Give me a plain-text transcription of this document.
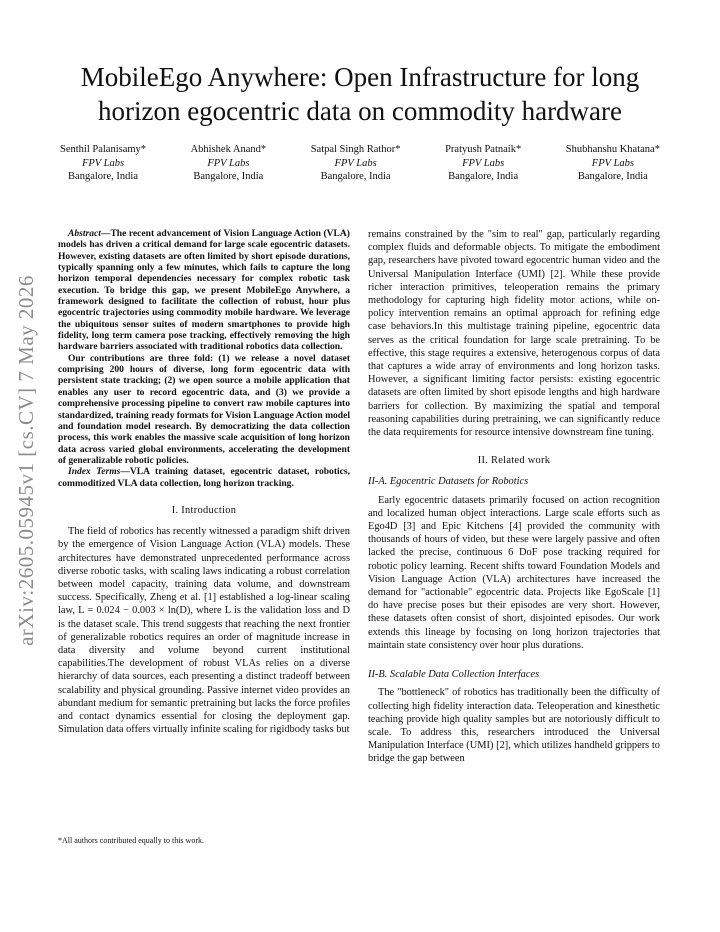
arXiv:2605.05945v1 [cs.CV] 7 May 2026
MobileEgo Anywhere: Open Infrastructure for long horizon egocentric data on commodity hardware
Senthil Palanisamy*
FPV Labs
Bangalore, India
Abhishek Anand*
FPV Labs
Bangalore, India
Satpal Singh Rathor*
FPV Labs
Bangalore, India
Pratyush Patnaik*
FPV Labs
Bangalore, India
Shubhanshu Khatana*
FPV Labs
Bangalore, India

Abstract—The recent advancement of Vision Language Action (VLA) models has driven a critical demand for large scale egocentric datasets. However, existing datasets are often limited by short episode durations, typically spanning only a few minutes, which fails to capture the long horizon temporal dependencies necessary for complex robotic task execution. To bridge this gap, we present MobileEgo Anywhere, a framework designed to facilitate the collection of robust, hour plus egocentric trajectories using commodity mobile hardware. We leverage the ubiquitous sensor suites of modern smartphones to provide high fidelity, long term camera pose tracking, effectively removing the high hardware barriers associated with traditional robotics data collection.

Our contributions are three fold: (1) we release a novel dataset comprising 200 hours of diverse, long form egocentric data with persistent state tracking; (2) we open source a mobile application that enables any user to record egocentric data, and (3) we provide a comprehensive processing pipeline to convert raw mobile captures into standardized, training ready formats for Vision Language Action model and foundation model research. By democratizing the data collection process, this work enables the massive scale acquisition of long horizon data across varied global environments, accelerating the development of generalizable robotic policies.

Index Terms—VLA training dataset, egocentric dataset, robotics, commoditized VLA data collection, long horizon tracking.

I. Introduction

The field of robotics has recently witnessed a paradigm shift driven by the emergence of Vision Language Action (VLA) models. These architectures have demonstrated unprecedented performance across diverse robotic tasks, with scaling laws indicating a robust correlation between model capacity, training data volume, and downstream success. Specifically, Zheng et al. [1] established a log-linear scaling law, L = 0.024 − 0.003 × ln(D), where L is the validation loss and D is the dataset scale. This trend suggests that reaching the next frontier of generalizable robotics requires an order of magnitude increase in data diversity and volume beyond current institutional capabilities.The development of robust VLAs relies on a diverse hierarchy of data sources, each presenting a distinct tradeoff between scalability and physical grounding. Passive internet video provides an abundant medium for semantic pretraining but lacks the force profiles and contact dynamics essential for closing the deployment gap. Simulation data offers virtually infinite scaling for rigidbody tasks but

remains constrained by the "sim to real" gap, particularly regarding complex fluids and deformable objects. To mitigate the embodiment gap, researchers have pivoted toward egocentric human video and the Universal Manipulation Interface (UMI) [2]. While these provide richer interaction primitives, teleoperation remains the primary methodology for capturing high fidelity motor actions, while on-policy intervention remains an optimal approach for refining edge case behaviors.In this multistage training pipeline, egocentric data serves as the critical foundation for large scale pretraining. To be effective, this stage requires a extensive, heterogenous corpus of data that captures a wide array of environments and long horizon tasks. However, a significant limiting factor persists: existing egocentric datasets are often limited by short episode lengths and high hardware barriers for collection. By maximizing the spatial and temporal reasoning capabilities during pretraining, we can significantly reduce the data requirements for resource intensive downstream fine tuning.

II. Related work
II-A. Egocentric Datasets for Robotics

Early egocentric datasets primarily focused on action recognition and localized human object interactions. Large scale efforts such as Ego4D [3] and Epic Kitchens [4] provided the community with thousands of hours of video, but these were largely passive and often lacked the precise, continuous 6 DoF pose tracking required for robotic policy learning. Recent shifts toward Foundation Models and Vision Language Action (VLA) architectures have increased the demand for "actionable" egocentric data. Projects like EgoScale [1] do have precise poses but their episodes are very short. However, these datasets often consist of short, disjointed episodes. Our work extends this lineage by focusing on long horizon trajectories that maintain state consistency over hour plus durations.

II-B. Scalable Data Collection Interfaces

The "bottleneck" of robotics has traditionally been the difficulty of collecting high fidelity interaction data. Teleoperation and kinesthetic teaching provide high quality samples but are notoriously difficult to scale. To address this, researchers introduced the Universal Manipulation Interface (UMI) [2], which utilizes handheld grippers to bridge the gap between

*All authors contributed equally to this work.
